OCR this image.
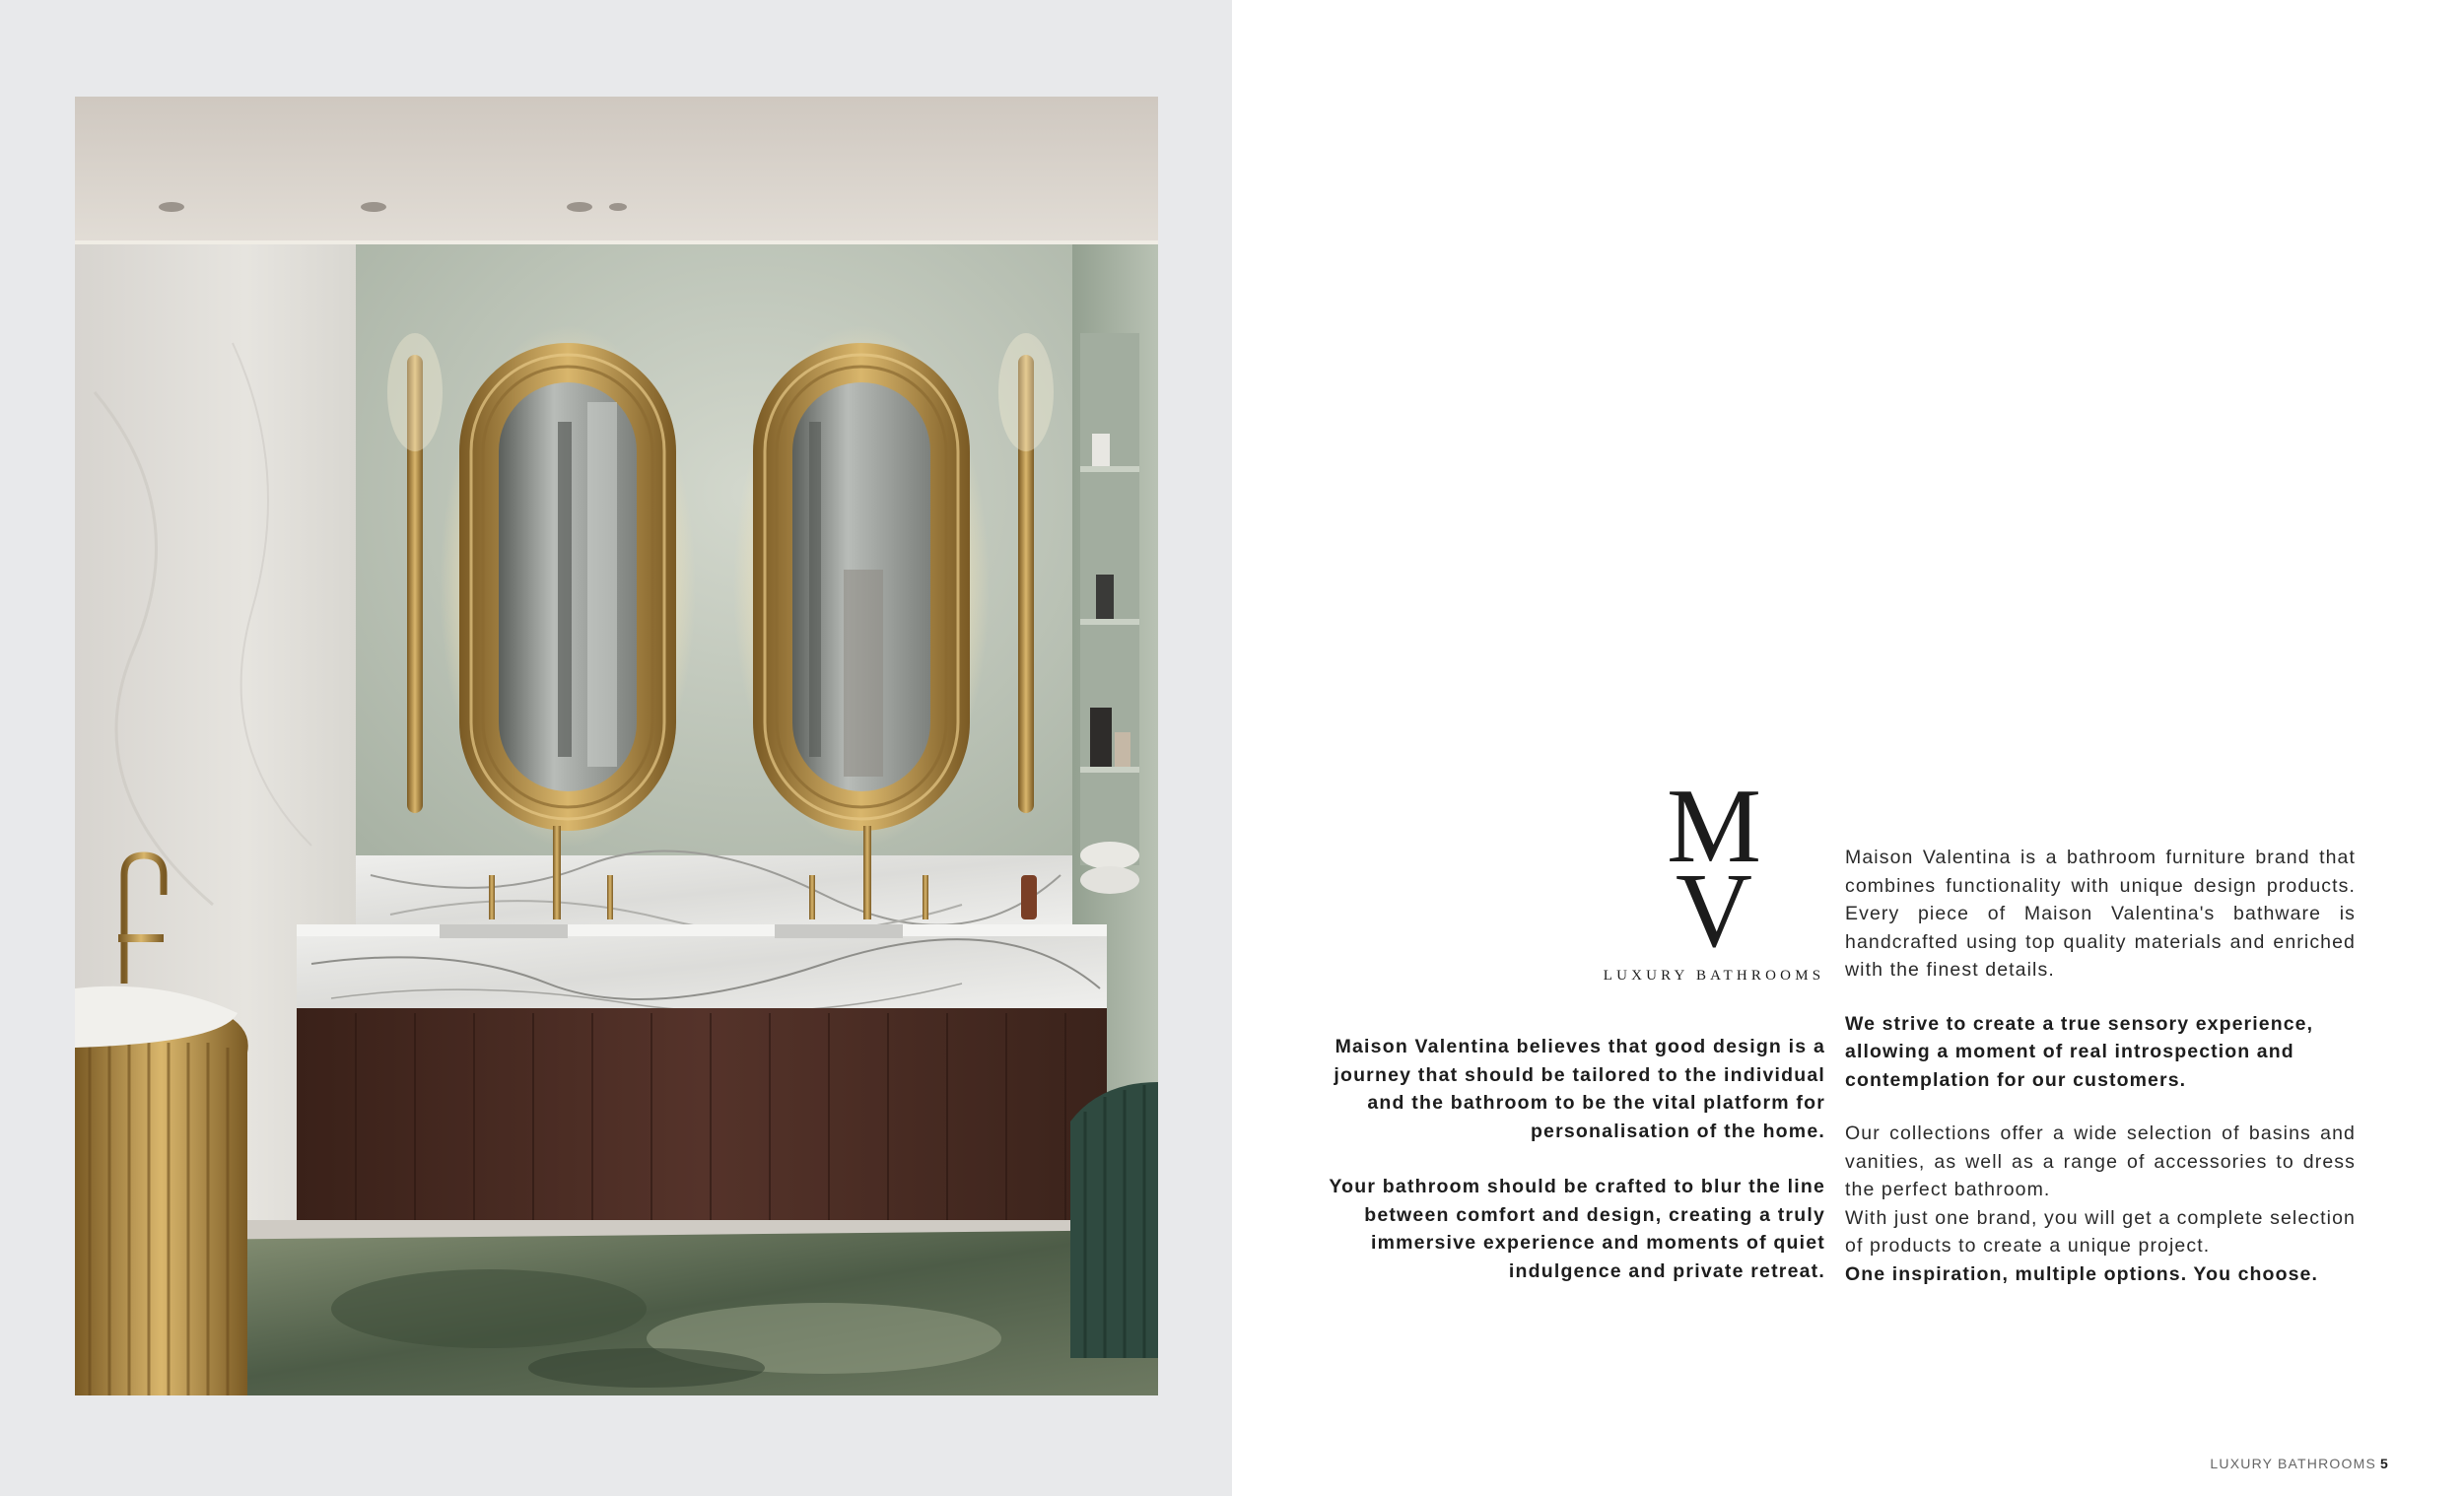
M
V
LUXURY BATHROOMS

Maison Valentina believes that good design is a journey that should be tailored to the individual and the bathroom to be the vital platform for personalisation of the home.

Your bathroom should be crafted to blur the line between comfort and design, creating a truly immersive experience and moments of quiet indulgence and private retreat.

Maison Valentina is a bathroom furniture brand that combines functionality with unique design products. Every piece of Maison Valentina's bathware is handcrafted using top quality materials and enriched with the finest details.

We strive to create a true sensory experience, allowing a moment of real introspection and contemplation for our customers.

Our collections offer a wide selection of basins and vanities, as well as a range of accessories to dress the perfect bathroom.

With just one brand, you will get a complete selection of products to create a unique project.

One inspiration, multiple options. You choose.

LUXURY BATHROOMS 5
